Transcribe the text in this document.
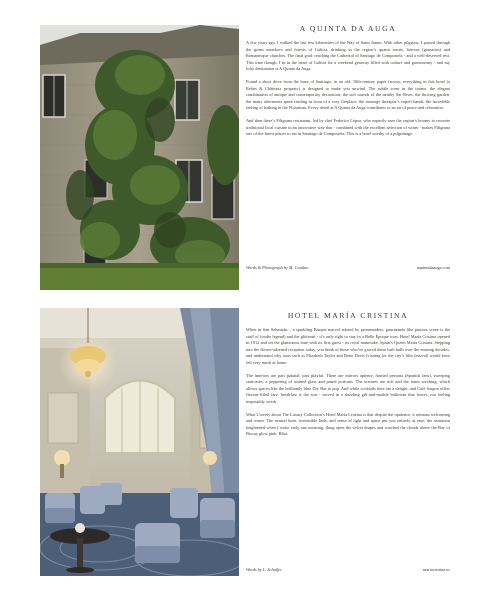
A QUINTA DA AUGA

A few years ago, I walked the last few kilometres of the Way of Saint James. With other pilgrims, I passed through the green meadows and forests of Galicia, drinking in the region’s quaint towns, hórreos (granaries) and Romanesque churches. The final goal: reaching the Cathedral of Santiago de Compostela - and a well-deserved rest. This time though, I’m in the heart of Galicia for a weekend getaway filled with culture and gastronomy - and my lofty destination is A Quinta da Auga.

Found a short drive from the buzz of Santiago, in an old, 18th-century paper factory, everything in this hotel (a Relais & Châteaux property) is designed to make you unwind. The subtle scent in the rooms, the elegant combination of antique and contemporary decoration, the soft sounds of the nearby Sar River, the thriving garden, the many afternoons spent reading in front of a cosy fireplace, the massage therapist’s expert hands, the incredible feeling of bathing in the Flotarium. Every detail at A Quinta da Auga contributes to an air of peace and relaxation.

And then there’s Filigrana restaurant, led by chef Federico López, who expertly uses the region’s bounty to recreate traditional local cuisine in an innovative way that - combined with the excellent selection of wines - makes Filigrana one of the finest places to eat in Santiago de Compostela. This is a hotel worthy of a pilgrimage.

Words & Photograph by M. Catalan	aquintadaauga.com
HOTEL MARÍA CRISTINA

When in San Sebastián – a sparkling Basque marvel adored by promenaders, gourmands (the pintxos scene is the stuff of foodie legend) and the glitterati - it’s only right to stay in a Belle Époque icon. Hotel María Cristina opened in 1912 and set the glamorous tone with its first guest - its royal namesake, Spain’s Queen María Cristina. Stepping into the flower-adorned reception today, you think of those who’ve graced these lush halls over the ensuing decades, and understand why stars such as Elizabeth Taylor and Bette Davis (visiting for the city’s film festival) would have felt very much at home.

The interiors are part palatial, part playful. There are mirrors aplenty, framed persona (Spanish fans), sweeping staircases, a peppering of stained glass and pastel portraits. The textures are rich and the tones soothing, which allows spaces like the brilliantly blue Dry Bar to pop. And while cocktails here are a delight, and Café Saigon offers flavour-filled fare, breakfast is the star - served in a dazzling gilt-and-marble ballroom that leaves you feeling impossibly swish.

What’s lovely about The Luxury Collection’s Hotel María Cristina is that despite the opulence, it remains welcoming and warm. The neutral hues, irresistible beds, and sense of light and space put you entirely at ease; the sensation heightened when I woke early one morning, flung open the velvet drapes and watched the clouds above the Bay of Biscay glow pink. Bliss.

Words by L. Schaffer	mariacristina.es
